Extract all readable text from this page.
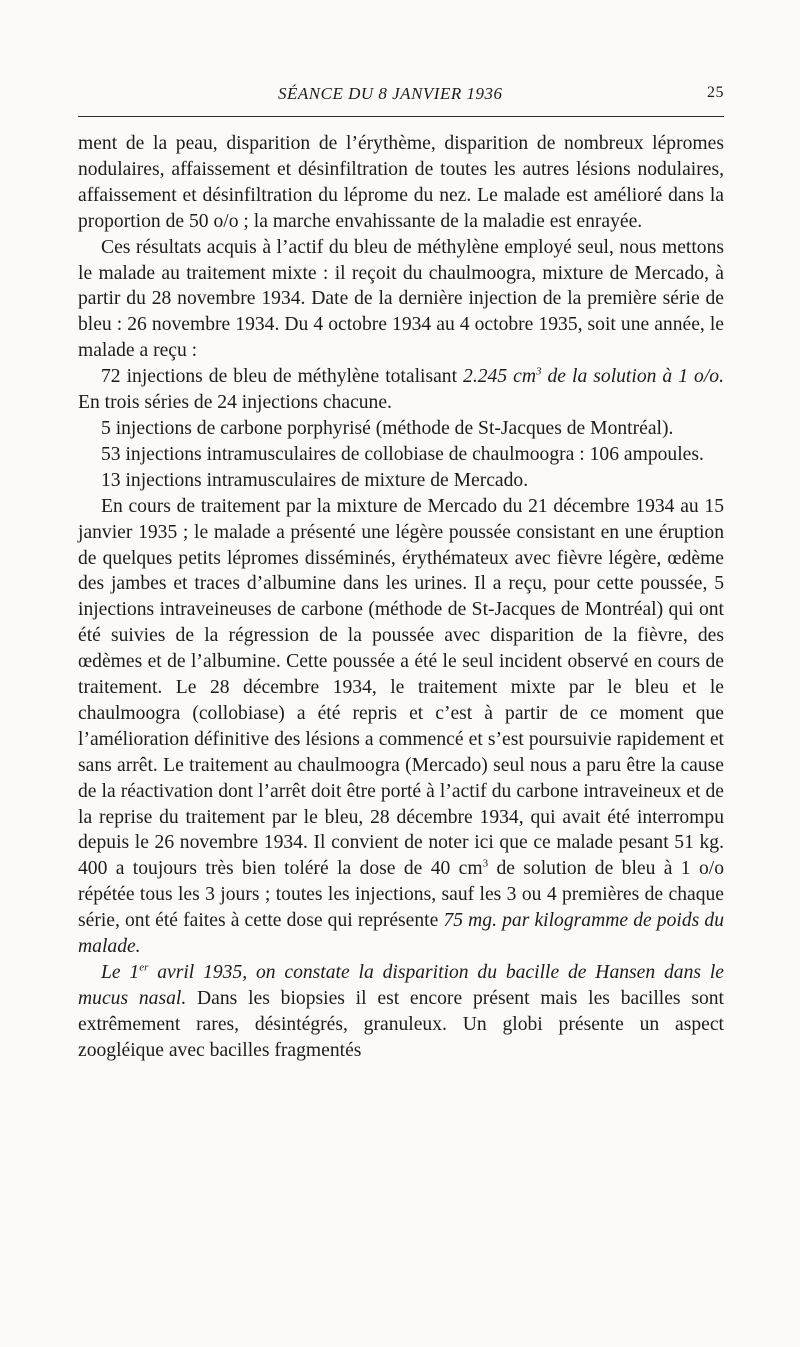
SÉANCE DU 8 JANVIER 1936	25

ment de la peau, disparition de l’érythème, disparition de nombreux lépromes nodulaires, affaissement et désinfiltration de toutes les autres lésions nodulaires, affaissement et désinfiltration du léprome du nez. Le malade est amélioré dans la proportion de 50 o/o ; la marche envahissante de la maladie est enrayée.

Ces résultats acquis à l’actif du bleu de méthylène employé seul, nous mettons le malade au traitement mixte : il reçoit du chaulmoogra, mixture de Mercado, à partir du 28 novembre 1934. Date de la dernière injection de la première série de bleu : 26 novembre 1934. Du 4 octobre 1934 au 4 octobre 1935, soit une année, le malade a reçu :

72 injections de bleu de méthylène totalisant 2.245 $cm^3$ de la solution à 1 o/o. En trois séries de 24 injections chacune.

5 injections de carbone porphyrisé (méthode de St-Jacques de Montréal).

53 injections intramusculaires de collobiase de chaulmoogra : 106 ampoules.

13 injections intramusculaires de mixture de Mercado.

En cours de traitement par la mixture de Mercado du 21 décembre 1934 au 15 janvier 1935 ; le malade a présenté une légère poussée consistant en une éruption de quelques petits lépromes disséminés, érythémateux avec fièvre légère, œdème des jambes et traces d’albumine dans les urines. Il a reçu, pour cette poussée, 5 injections intraveineuses de carbone (méthode de St-Jacques de Montréal) qui ont été suivies de la régression de la poussée avec disparition de la fièvre, des œdèmes et de l’albumine. Cette poussée a été le seul incident observé en cours de traitement. Le 28 décembre 1934, le traitement mixte par le bleu et le chaulmoogra (collobiase) a été repris et c’est à partir de ce moment que l’amélioration définitive des lésions a commencé et s’est poursuivie rapidement et sans arrêt. Le traitement au chaulmoogra (Mercado) seul nous a paru être la cause de la réactivation dont l’arrêt doit être porté à l’actif du carbone intraveineux et de la reprise du traitement par le bleu, 28 décembre 1934, qui avait été interrompu depuis le 26 novembre 1934. Il convient de noter ici que ce malade pesant 51 kg. 400 a toujours très bien toléré la dose de 40 $cm^3$ de solution de bleu à 1 o/o répétée tous les 3 jours ; toutes les injections, sauf les 3 ou 4 premières de chaque série, ont été faites à cette dose qui représente 75 mg. par kilogramme de poids du malade.

Le 1er avril 1935, on constate la disparition du bacille de Hansen dans le mucus nasal. Dans les biopsies il est encore présent mais les bacilles sont extrêmement rares, désintégrés, granuleux. Un globi présente un aspect zoogléique avec bacilles fragmentés
